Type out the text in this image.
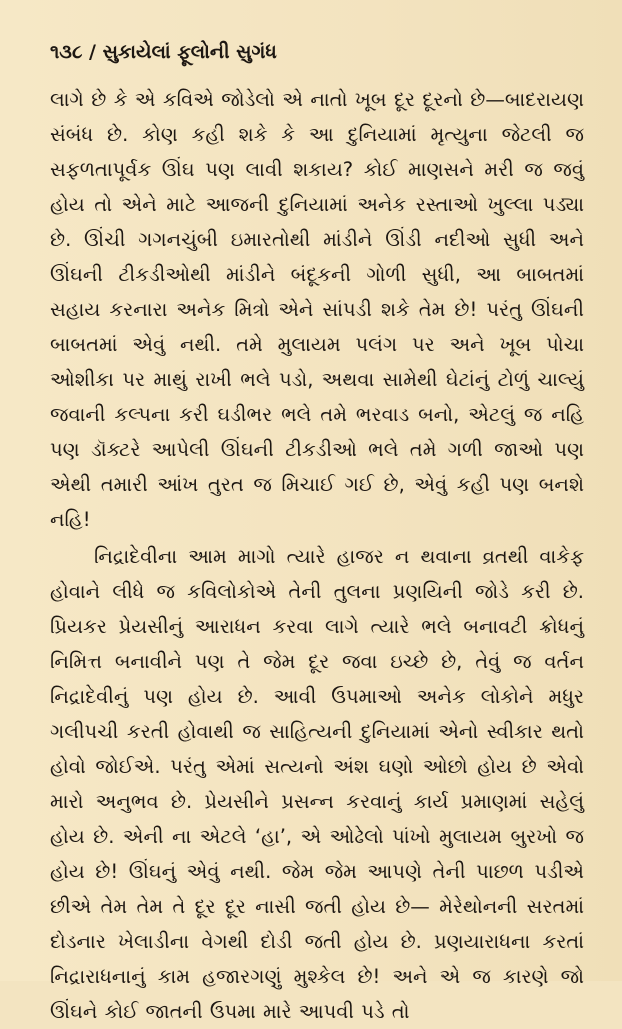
૧૩૮ / સુકાયેલાં ફૂલોની સુગંધ

લાગે છે કે એ કવિએ જોડેલો એ નાતો ખૂબ દૂર દૂરનો છે—બાદરાયણ સંબંધ છે. કોણ કહી શકે કે આ દુનિયામાં મૃત્યુના જેટલી જ સફળતાપૂર્વક ઊંઘ પણ લાવી શકાય? કોઈ માણસને મરી જ જવું હોય તો એને માટે આજની દુનિયામાં અનેક રસ્તાઓ ખુલ્લા પડ્યા છે. ઊંચી ગગનચુંબી ઇમારતોથી માંડીને ઊંડી નદીઓ સુધી અને ઊંઘની ટીકડીઓથી માંડીને બંદૂકની ગોળી સુધી, આ બાબતમાં સહાય કરનારા અનેક મિત્રો એને સાંપડી શકે તેમ છે! પરંતુ ઊંઘની બાબતમાં એવું નથી. તમે મુલાયમ પલંગ પર અને ખૂબ પોચા ઓશીકા પર માથું રાખી ભલે પડો, અથવા સામેથી ઘેટાંનું ટોળું ચાલ્યું જવાની કલ્પના કરી ઘડીભર ભલે તમે ભરવાડ બનો, એટલું જ નહિ પણ ડૉક્ટરે આપેલી ઊંઘની ટીકડીઓ ભલે તમે ગળી જાઓ પણ એથી તમારી આંખ તુરત જ મિચાઈ ગઈ છે, એવું કહી પણ બનશે નહિ!

નિદ્રાદેવીના આમ માગો ત્યારે હાજર ન થવાના વ્રતથી વાકેફ હોવાને લીધે જ કવિલોકોએ તેની તુલના પ્રણયિની જોડે કરી છે. પ્રિયકર પ્રેયસીનું આરાધન કરવા લાગે ત્યારે ભલે બનાવટી ક્રોધનું નિમિત્ત બનાવીને પણ તે જેમ દૂર જવા ઇચ્છે છે, તેવું જ વર્તન નિદ્રાદેવીનું પણ હોય છે. આવી ઉપમાઓ અનેક લોકોને મધુર ગલીપચી કરતી હોવાથી જ સાહિત્યની દુનિયામાં એનો સ્વીકાર થતો હોવો જોઈએ. પરંતુ એમાં સત્યનો અંશ ઘણો ઓછો હોય છે એવો મારો અનુભવ છે. પ્રેયસીને પ્રસન્ન કરવાનું કાર્ય પ્રમાણમાં સહેલું હોય છે. એની ના એટલે ‘હા’, એ ઓઢેલો પાંખો મુલાયમ બુરખો જ હોય છે! ઊંઘનું એવું નથી. જેમ જેમ આપણે તેની પાછળ પડીએ છીએ તેમ તેમ તે દૂર દૂર નાસી જતી હોય છે— મેરેથોનની સરતમાં દોડનાર ખેલાડીના વેગથી દોડી જતી હોય છે. પ્રણયારાધના કરતાં નિદ્રારાધનાનું કામ હજારગણું મુશ્કેલ છે! અને એ જ કારણે જો ઊંઘને કોઈ જાતની ઉપમા મારે આપવી પડે તો
